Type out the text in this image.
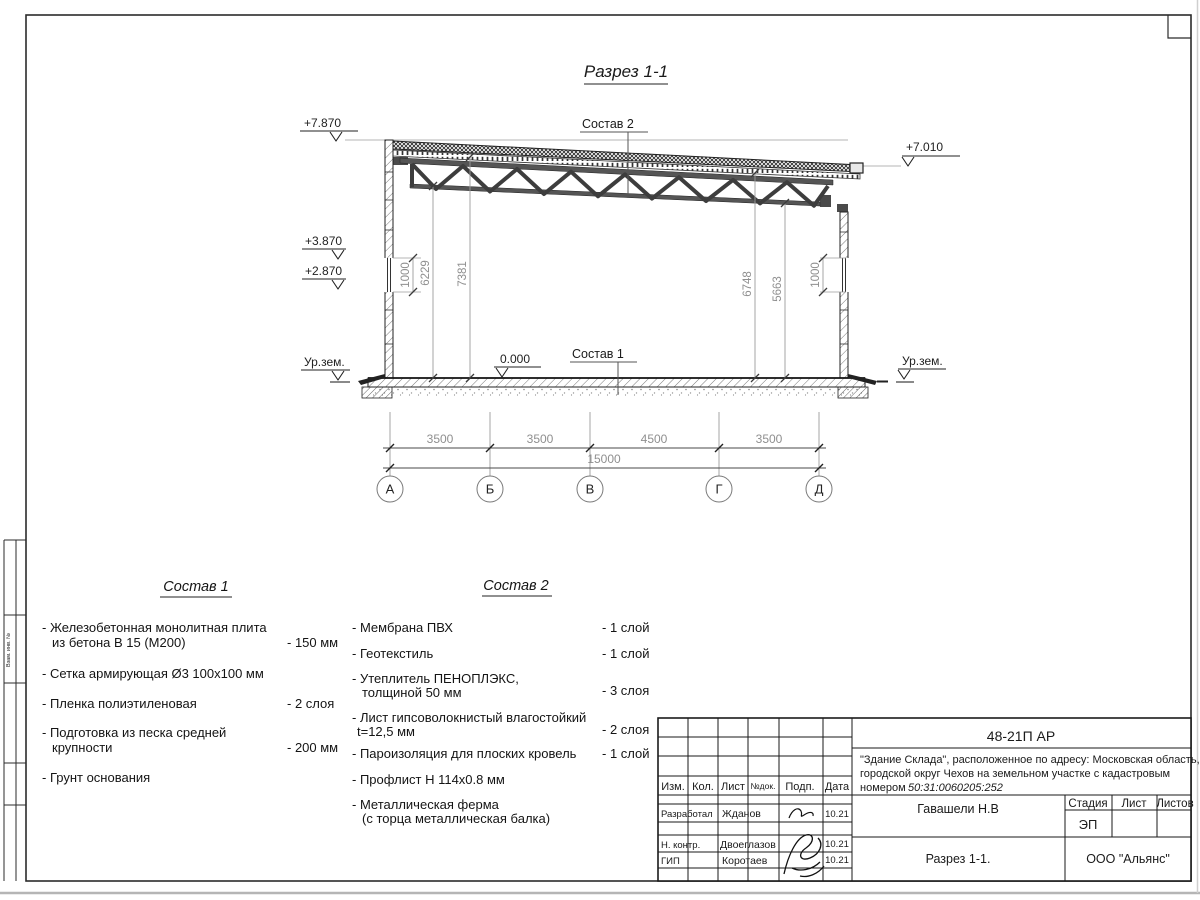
Взам. инв. №
Разрез 1-1
Состав 2
Состав 1
+7.870
+3.870
+2.870
Ур.зем.	0.000
+7.010
Ур.зем.
1000 6229 7381	6748 5663
1000
3500	3500	4500	3500
15000
А	Б	В	Г	Д
Состав 1
- Железобетонная монолитная плита
из бетона В 15 (М200)	- 150 мм
- Сетка армирующая Ø3 100x100 мм
- Пленка полиэтиленовая	- 2 слоя
- Подготовка из песка средней
крупности	- 200 мм
- Грунт основания
Состав 2
- Мембрана ПВХ	- 1 слой
- Геотекстиль	- 1 слой
- Утеплитель ПЕНОПЛЭКС,
толщиной 50 мм	- 3 слоя
- Лист гипсоволокнистый влагостойкий
t=12,5 мм	- 2 слоя
- Пароизоляция для плоских кровель - 1 слой
- Профлист Н 114x0.8 мм
- Металлическая ферма
(с торца металлическая балка)
48-21П АР
"Здание Склада", расположенное по адресу: Московская область,
городской округ Чехов на земельном участке с кадастровым
номером 50:31:0060205:252
Изм. Кол. Лист №док. Подп. Дата
Разработал Жданов	10.21
Н. контр. Двоеглазов	10.21
ГИП	Коротаев	10.21
Гавашели Н.В	Стадия Лист Листов
ЭП
Разрез 1-1.	ООО "Альянс"
